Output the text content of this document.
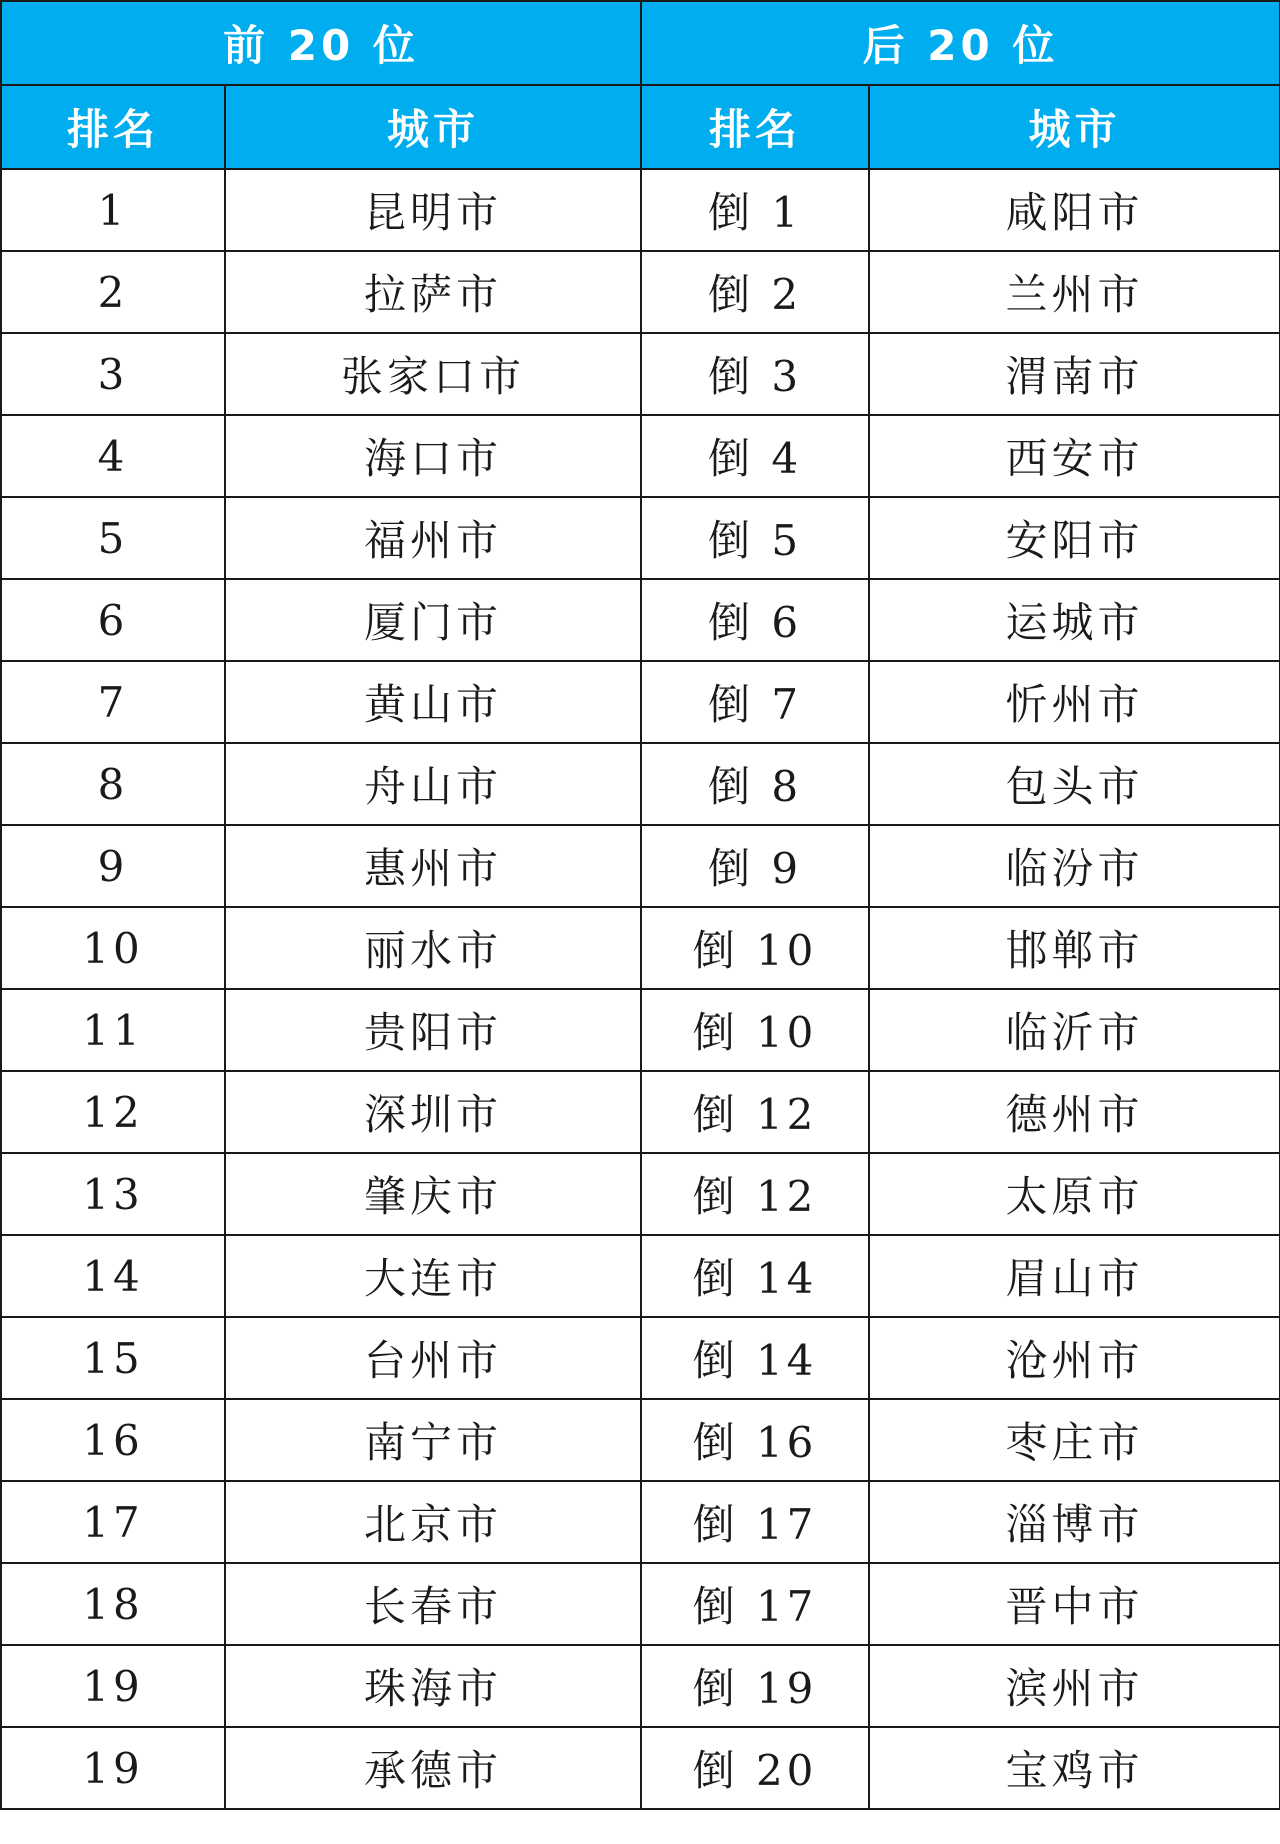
前 20 位		后 20 位	
排名	城市	排名	城市
1	昆明市	倒 1	咸阳市
2	拉萨市	倒 2	兰州市
3	张家口市	倒 3	渭南市
4	海口市	倒 4	西安市
5	福州市	倒 5	安阳市
6	厦门市	倒 6	运城市
7	黄山市	倒 7	忻州市
8	舟山市	倒 8	包头市
9	惠州市	倒 9	临汾市
10	丽水市	倒 10	邯郸市
11	贵阳市	倒 10	临沂市
12	深圳市	倒 12	德州市
13	肇庆市	倒 12	太原市
14	大连市	倒 14	眉山市
15	台州市	倒 14	沧州市
16	南宁市	倒 16	枣庄市
17	北京市	倒 17	淄博市
18	长春市	倒 17	晋中市
19	珠海市	倒 19	滨州市
19	承德市	倒 20	宝鸡市
